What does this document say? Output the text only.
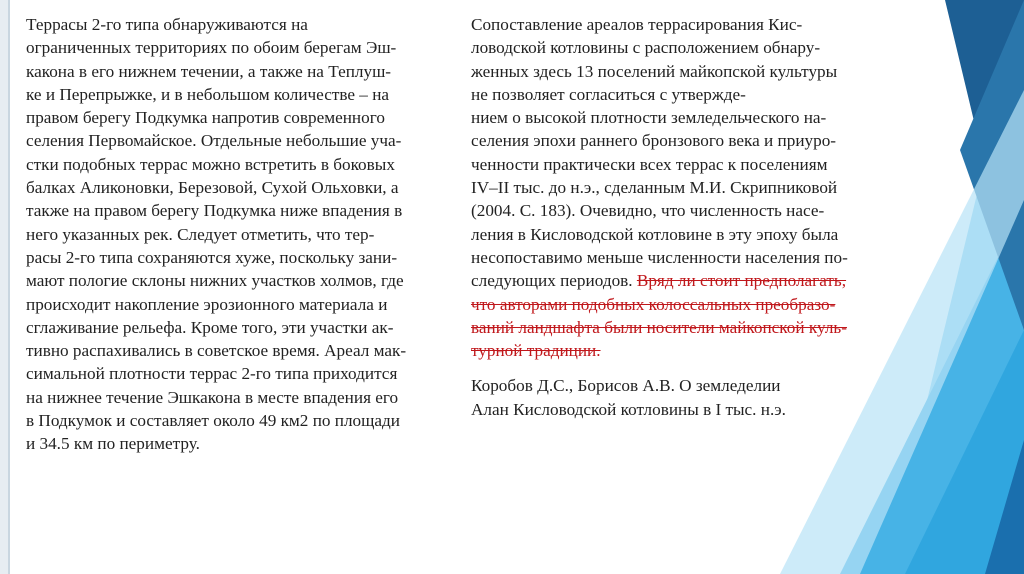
Террасы 2-го типа обнаруживаются на
ограниченных территориях по обоим берегам Эш-
какона в его нижнем течении, а также на Теплуш-
ке и Перепрыжке, и в небольшом количестве – на
правом берегу Подкумка напротив современного
селения Первомайское. Отдельные небольшие уча-
стки подобных террас можно встретить в боковых
балках Аликоновки, Березовой, Сухой Ольховки, а
также на правом берегу Подкумка ниже впадения в
него указанных рек. Следует отметить, что тер-
расы 2-го типа сохраняются хуже, поскольку зани-
мают пологие склоны нижних участков холмов, где
происходит накопление эрозионного материала и
сглаживание рельефа. Кроме того, эти участки ак-
тивно распахивались в советское время. Ареал мак-
симальной плотности террас 2-го типа приходится
на нижнее течение Эшкакона в месте впадения его
в Подкумок и составляет около 49 км2 по площади
и 34.5 км по периметру.

Сопоставление ареалов террасирования Кис-
ловодской котловины с расположением обнару-
женных здесь 13 поселений майкопской культуры
не позволяет согласиться с утвержде-
нием о высокой плотности земледельческого на-
селения эпохи раннего бронзового века и приуро-
ченности практически всех террас к поселениям
IV–II тыс. до н.э., сделанным М.И. Скрипниковой
(2004. С. 183). Очевидно, что численность насе-
ления в Кисловодской котловине в эту эпоху была
несопоставимо меньше численности населения по-
следующих периодов. Вряд ли стоит предполагать,
что авторами подобных колоссальных преобразо-
ваний ландшафта были носители майкопской куль-
турной традиции.

Коробов Д.С., Борисов А.В. О земледелии
Алан Кисловодской котловины в I тыс. н.э.
